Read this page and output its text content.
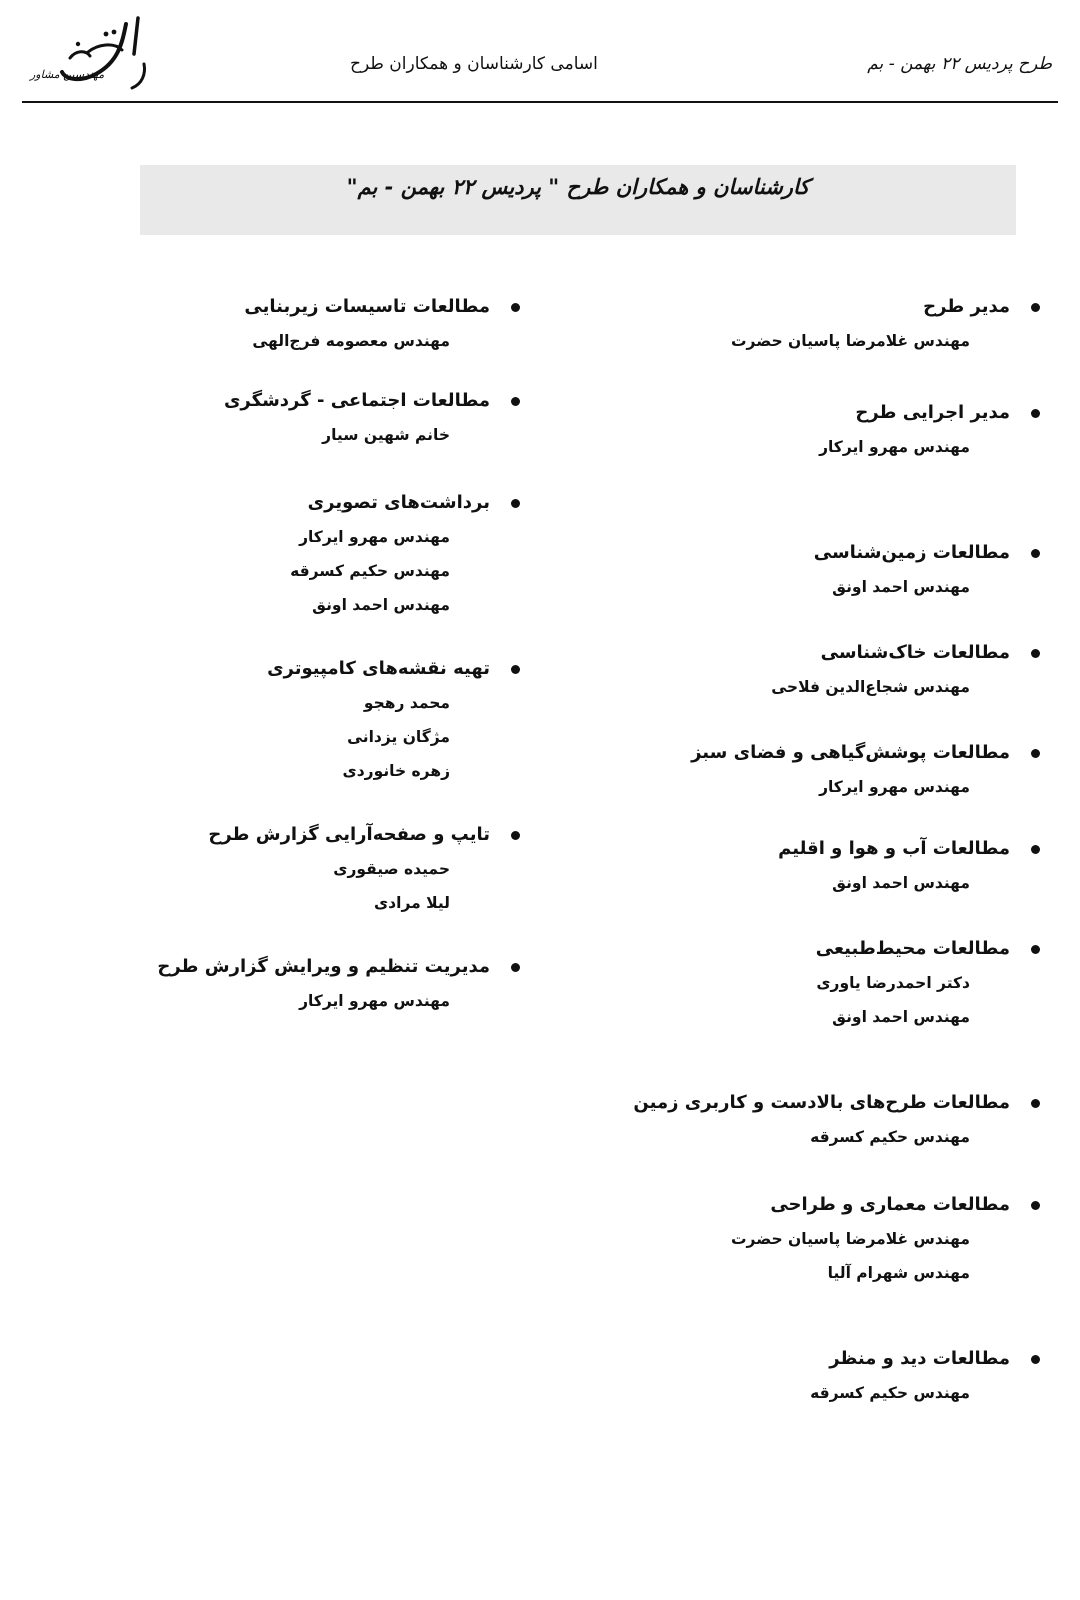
مهندسین مشاور
اسامی کارشناسان و همکاران طرح	طرح پردیس ۲۲ بهمن - بم
کارشناسان و همکاران طرح " پردیس ۲۲ بهمن - بم"
مدیر طرح
مهندس غلامرضا پاسیان حضرت
مدیر اجرایی طرح
مهندس مهرو ایرکار
مطالعات زمین‌شناسی
مهندس احمد اونق
مطالعات خاک‌شناسی
مهندس شجاع‌الدین فلاحی
مطالعات پوشش‌گیاهی و فضای سبز
مهندس مهرو ایرکار
مطالعات آب و هوا و اقلیم
مهندس احمد اونق
مطالعات محیط‌طبیعی
دکتر احمدرضا یاوری
مهندس احمد اونق
مطالعات طرح‌های بالادست و کاربری زمین
مهندس حکیم کسرقه
مطالعات معماری و طراحی
مهندس غلامرضا پاسیان حضرت
مهندس شهرام آلیا
مطالعات دید و منظر
مهندس حکیم کسرقه
مطالعات تاسیسات زیربنایی
مهندس معصومه فرج‌الهی
مطالعات اجتماعی - گردشگری
خانم شهین سیار
برداشت‌های تصویری
مهندس مهرو ایرکار
مهندس حکیم کسرقه
مهندس احمد اونق
تهیه نقشه‌های کامپیوتری
محمد رهجو
مژگان یزدانی
زهره خانوردی
تایپ و صفحه‌آرایی گزارش طرح
حمیده صیقوری
لیلا مرادی
مدیریت تنظیم و ویرایش گزارش طرح
مهندس مهرو ایرکار
